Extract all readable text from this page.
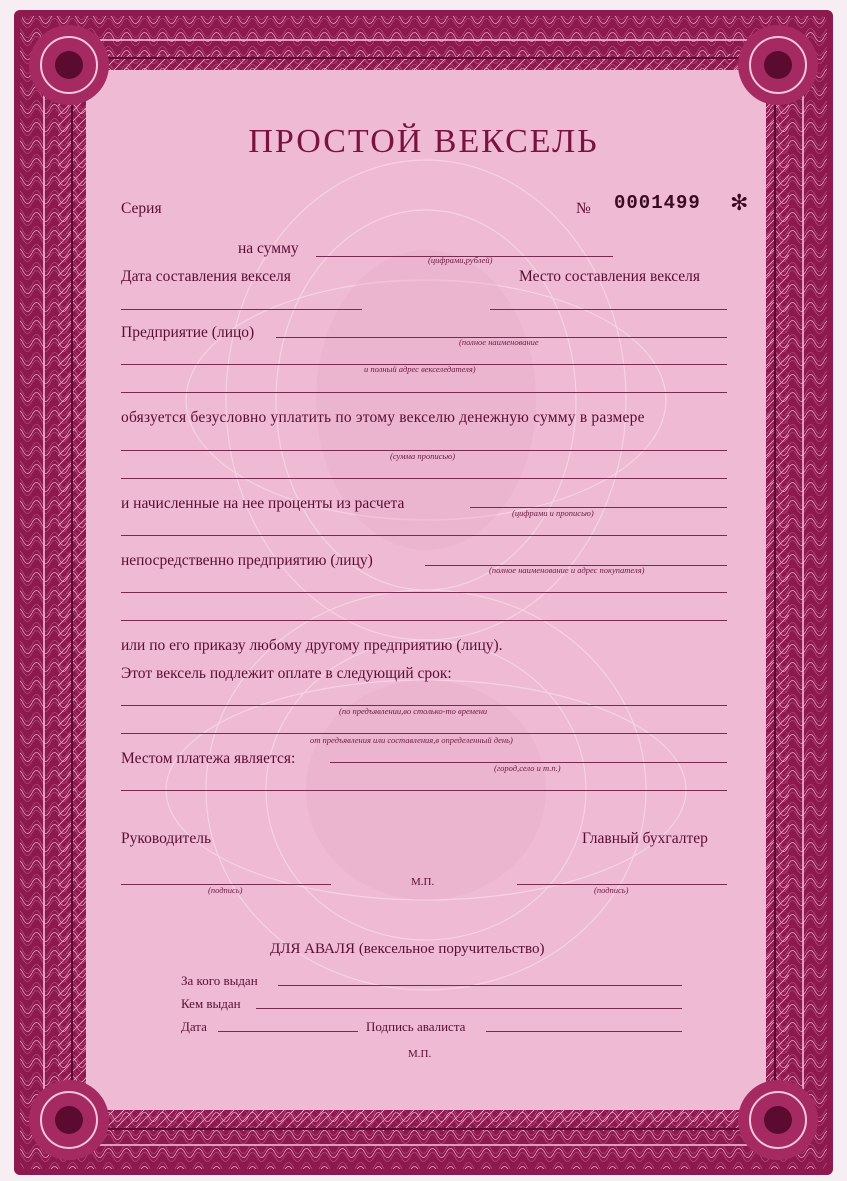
ПРОСТОЙ ВЕКСЕЛЬ
Серия	№ 0001499 ✻
на сумму
(цифрами,рублей)
Дата составления векселя	Место составления векселя
Предприятие (лицо)
(полное наименование
и полный адрес векселедателя)
обязуется безусловно уплатить по этому векселю денежную сумму в размере
(сумма прописью)
и начисленные на нее проценты из расчета
(цифрами и прописью)
непосредственно предприятию (лицу)
(полное наименование и адрес покупателя)
или по его приказу любому другому предприятию (лицу).
Этот вексель подлежит оплате в следующий срок:
(по предъявлении,во столько-то времени
от предъявления или составления,в определенный день)
Местом платежа является:
(город,село и т.п.)
Руководитель	Главный бухгалтер
(подпись)
М.П.
(подпись)
ДЛЯ АВАЛЯ (вексельное поручительство)
За кого выдан
Кем выдан
Дата	Подпись авалиста
М.П.
